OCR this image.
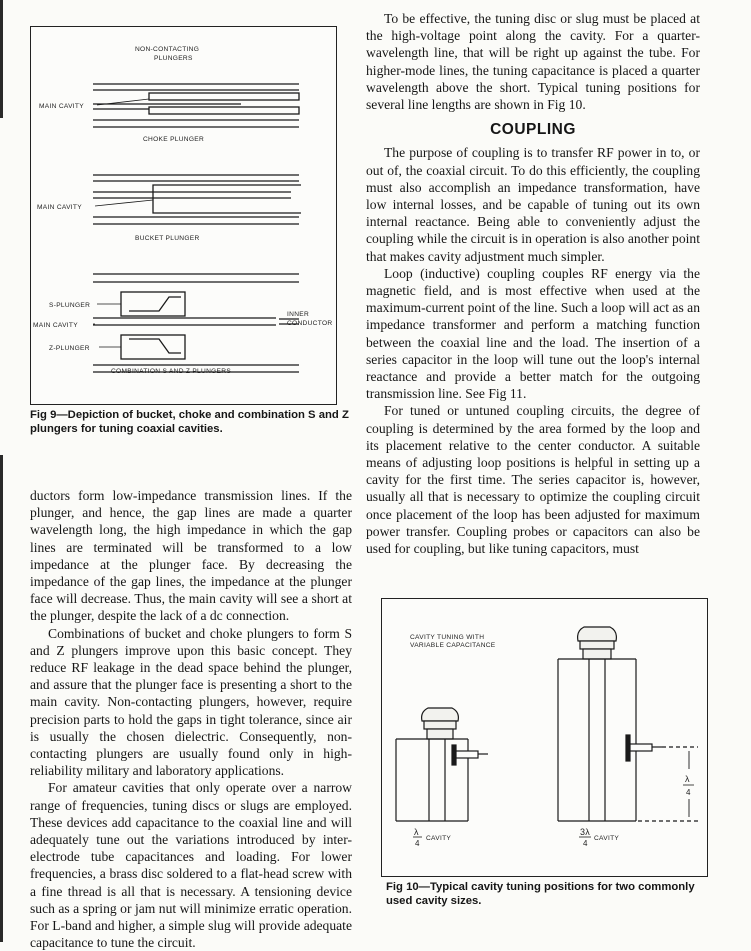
NON-CONTACTING
PLUNGERS
MAIN CAVITY
CHOKE PLUNGER
MAIN CAVITY
BUCKET PLUNGER
S-PLUNGER
MAIN CAVITY
Z-PLUNGER
INNER
CONDUCTOR
COMBINATION S AND Z PLUNGERS
Fig 9—Depiction of bucket, choke and combination S and Z plungers for tuning coaxial cavities.

ductors form low-impedance transmission lines. If the plunger, and hence, the gap lines are made a quarter wavelength long, the high impedance in which the gap lines are terminated will be transformed to a low impedance at the plunger face. By decreasing the impedance of the gap lines, the impedance at the plunger face will decrease. Thus, the main cavity will see a short at the plunger, despite the lack of a dc connection.

Combinations of bucket and choke plungers to form S and Z plungers improve upon this basic concept. They reduce RF leakage in the dead space behind the plunger, and assure that the plunger face is presenting a short to the main cavity. Non-contacting plungers, however, require precision parts to hold the gaps in tight tolerance, since air is usually the chosen dielectric. Consequently, non-contacting plungers are usually found only in high-reliability military and laboratory applications.

For amateur cavities that only operate over a narrow range of frequencies, tuning discs or slugs are employed. These devices add capacitance to the coaxial line and will adequately tune out the variations introduced by inter-electrode tube capacitances and loading. For lower frequencies, a brass disc soldered to a flat-head screw with a fine thread is all that is necessary. A tensioning device such as a spring or jam nut will minimize erratic operation. For L-band and higher, a simple slug will provide adequate capacitance to tune the circuit.

To be effective, the tuning disc or slug must be placed at the high-voltage point along the cavity. For a quarter-wavelength line, that will be right up against the tube. For higher-mode lines, the tuning capacitance is placed a quarter wavelength above the short. Typical tuning positions for several line lengths are shown in Fig 10.

COUPLING

The purpose of coupling is to transfer RF power in to, or out of, the coaxial circuit. To do this efficiently, the coupling must also accomplish an impedance transformation, have low internal losses, and be capable of tuning out its own internal reactance. Being able to conveniently adjust the coupling while the circuit is in operation is also another point that makes cavity adjustment much simpler.

Loop (inductive) coupling couples RF energy via the magnetic field, and is most effective when used at the maximum-current point of the line. Such a loop will act as an impedance transformer and perform a matching function between the coaxial line and the load. The insertion of a series capacitor in the loop will tune out the loop's internal reactance and provide a better match for the outgoing transmission line. See Fig 11.

For tuned or untuned coupling circuits, the degree of coupling is determined by the area formed by the loop and its placement relative to the center conductor. A suitable means of adjusting loop positions is helpful in setting up a cavity for the first time. The series capacitor is, however, usually all that is necessary to optimize the coupling circuit once placement of the loop has been adjusted for maximum power transfer. Coupling probes or capacitors can also be used for coupling, but like tuning capacitors, must

CAVITY TUNING WITH
VARIABLE CAPACITANCE
λ
4
CAVITY
3λ
4
CAVITY
λ
4
Fig 10—Typical cavity tuning positions for two commonly used cavity sizes.
